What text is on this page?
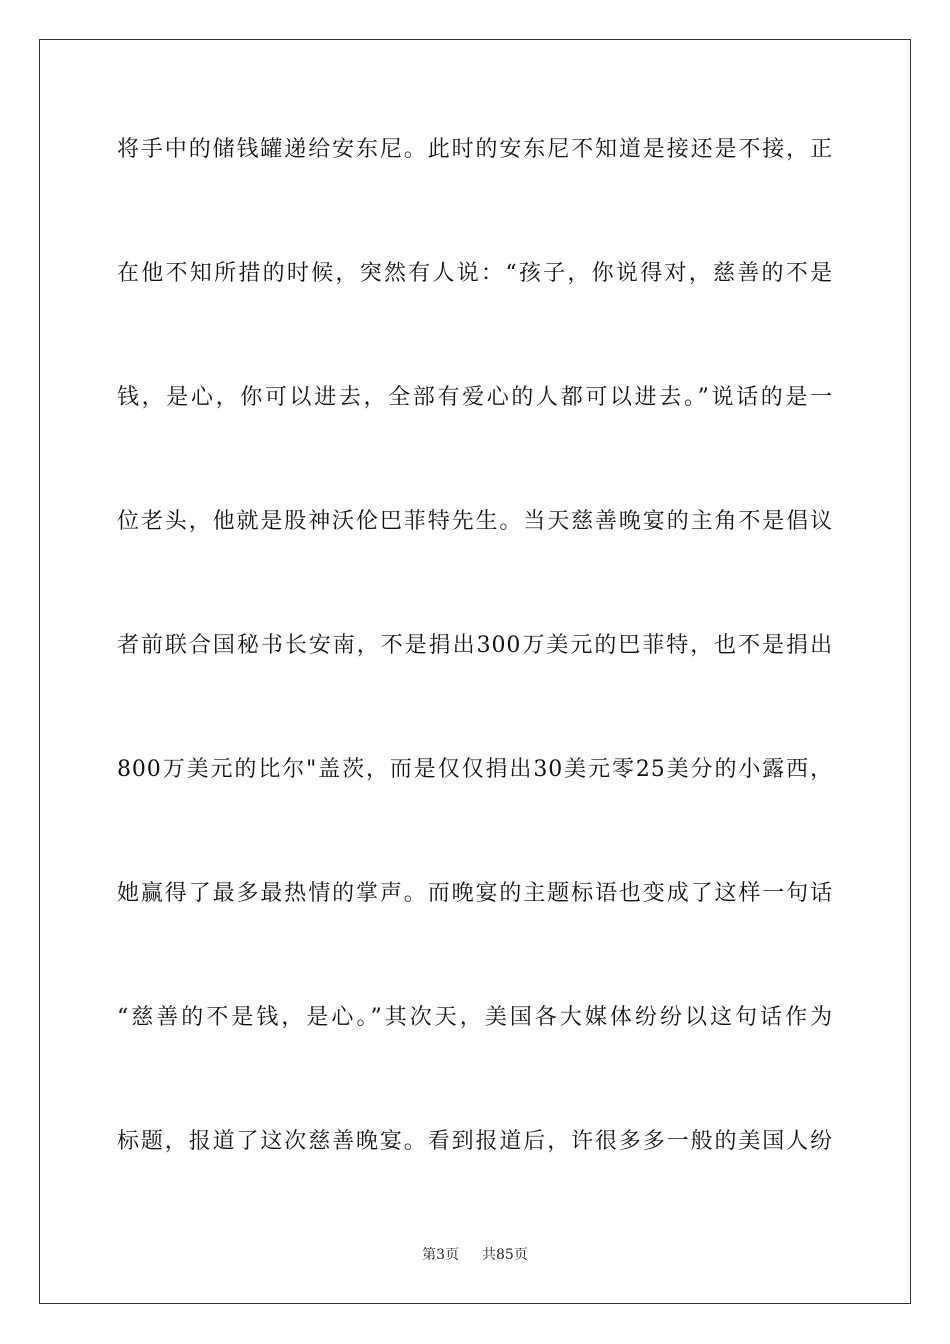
将手中的储钱罐递给安东尼。此时的安东尼不知道是接还是不接，正
在他不知所措的时候，突然有人说：“孩子，你说得对，慈善的不是
钱，是心，你可以进去，全部有爱心的人都可以进去。”说话的是一
位老头，他就是股神沃伦巴菲特先生。当天慈善晚宴的主角不是倡议
者前联合国秘书长安南，不是捐出300万美元的巴菲特，也不是捐出
800万美元的比尔"盖茨，而是仅仅捐出30美元零25美分的小露西，
她赢得了最多最热情的掌声。而晚宴的主题标语也变成了这样一句话
“慈善的不是钱，是心。”其次天，美国各大媒体纷纷以这句话作为
标题，报道了这次慈善晚宴。看到报道后，许很多多一般的美国人纷
第3页 共85页
